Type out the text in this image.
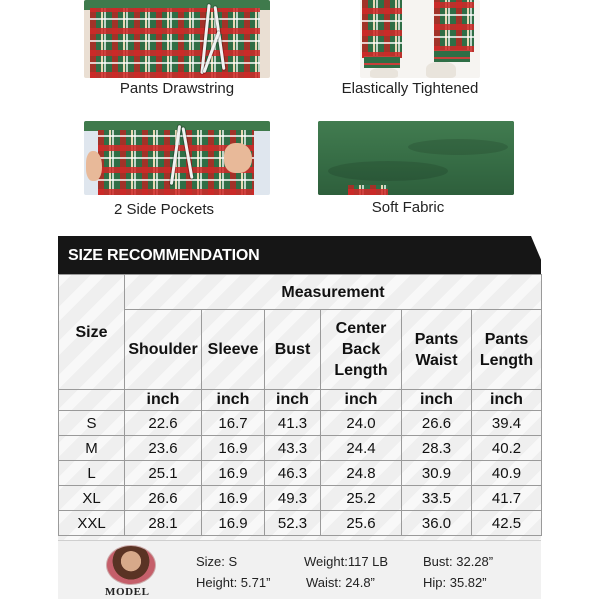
Pants Drawstring	Elastically Tightened
2 Side Pockets	Soft Fabric
SIZE RECOMMENDATION
Size	Measurement					
	Shoulder	Sleeve	Bust	Center Back Length	Pants Waist	Pants Length
	inch	inch	inch	inch	inch	inch
S	22.6	16.7	41.3	24.0	26.6	39.4
M	23.6	16.9	43.3	24.4	28.3	40.2
L	25.1	16.9	46.3	24.8	30.9	40.9
XL	26.6	16.9	49.3	25.2	33.5	41.7
XXL	28.1	16.9	52.3	25.6	36.0	42.5
MODEL
Size: S	Weight:117 LB	Bust: 32.28”
Height: 5.71”	Waist: 24.8”	Hip: 35.82”
